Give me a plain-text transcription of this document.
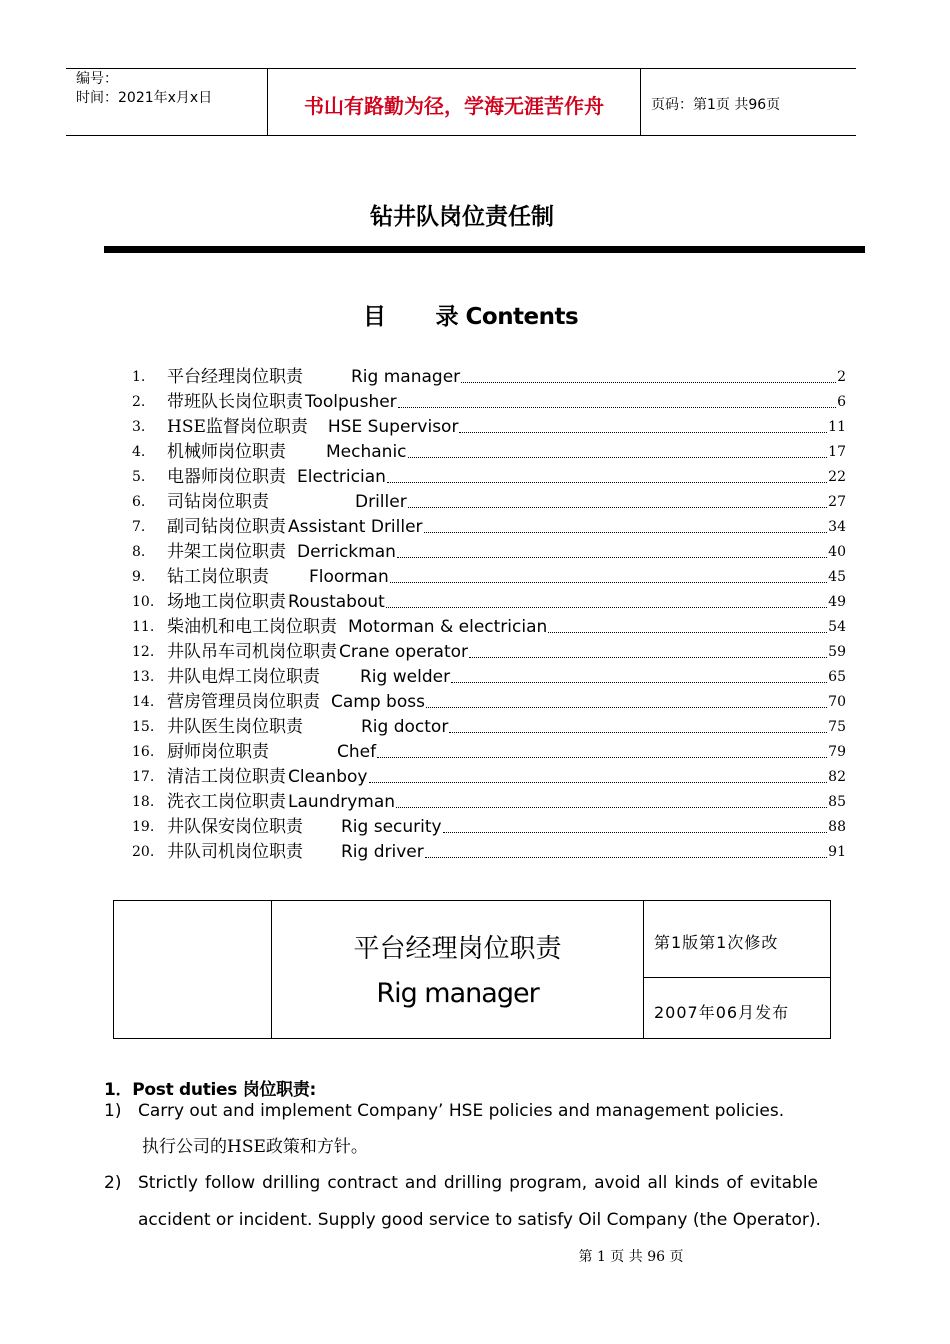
编号：
时间：2021年x月x日	书山有路勤为径，学海无涯苦作舟	页码：第1页 共96页
钻井队岗位责任制
目 录 Contents
1.	平台经理岗位职责	Rig manager	2
2.	带班队长岗位职责 Toolpusher	6
3.	HSE监督岗位职责 HSE Supervisor	11
4.	机械师岗位职责 Mechanic	17
5.	电器师岗位职责 Electrician	22
6.	司钻岗位职责	Driller	27
7.	副司钻岗位职责 Assistant Driller	34
8.	井架工岗位职责 Derrickman	40
9.	钻工岗位职责 Floorman	45
10. 场地工岗位职责 Roustabout	49
11. 柴油机和电工岗位职责 Motorman & electrician	54
12. 井队吊车司机岗位职责 Crane operator	59
13. 井队电焊工岗位职责 Rig welder	65
14. 营房管理员岗位职责 Camp boss	70
15. 井队医生岗位职责	Rig doctor	75
16. 厨师岗位职责	Chef	79
17. 清洁工岗位职责 Cleanboy	82
18. 洗衣工岗位职责 Laundryman	85
19. 井队保安岗位职责 Rig security	88
20. 井队司机岗位职责 Rig driver	91
平台经理岗位职责
Rig manager
第1版第1次修改
2007年06月发布
1．Post duties 岗位职责:
1) Carry out and implement Company’ HSE policies and management policies.
执行公司的HSE政策和方针。
2) Strictly follow drilling contract and drilling program, avoid all kinds of evitable
accident or incident. Supply good service to satisfy Oil Company (the Operator).
第 1 页 共 96 页
